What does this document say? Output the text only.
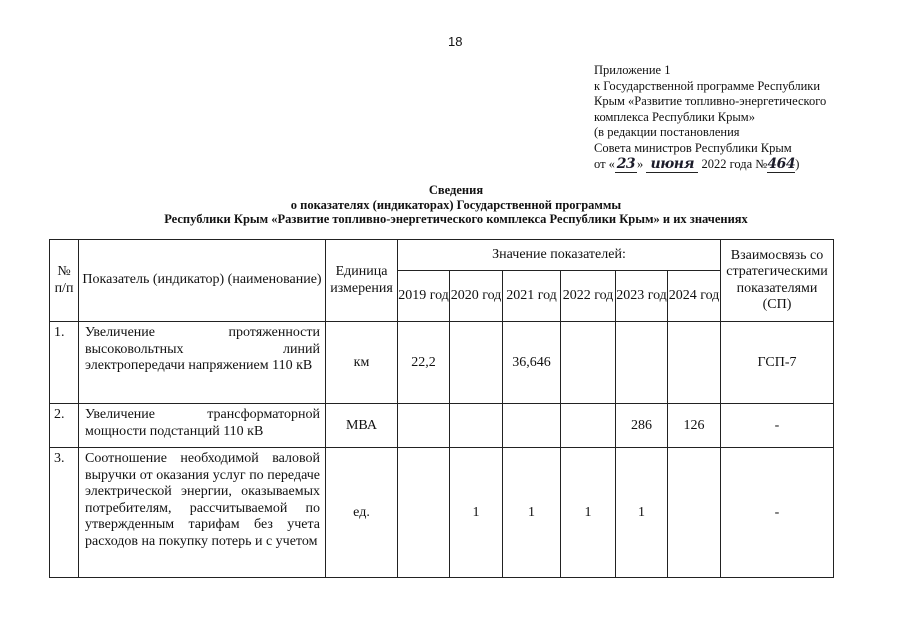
18
Приложение 1
к Государственной программе Республики
Крым «Развитие топливно-энергетического
комплекса Республики Крым»
(в редакции постановления
Совета министров Республики Крым
от « 23 » июня 2022 года №464)
Сведения
о показателях (индикаторах) Государственной программы
Республики Крым «Развитие топливно-энергетического комплекса Республики Крым» и их значениях
№ п/п	Показатель (индикатор) (наименование)	Единица измерения	Значение показателей:						Взаимосвязь со стратегическими показателями (СП)
			2019 год	2020 год	2021 год	2022 год	2023 год	2024 год	
1.	Увеличение протяженности высоковольтных линий электропередачи напряжением 110 кВ	км	22,2		36,646				ГСП-7
2.	Увеличение трансформаторной мощности подстанций 110 кВ	МВА					286	126	-
3.	Соотношение необходимой валовой выручки от оказания услуг по передаче электрической энергии, оказываемых потребителям, рассчитываемой по утвержденным тарифам без учета расходов на покупку потерь и с учетом	ед.		1	1	1	1		-
